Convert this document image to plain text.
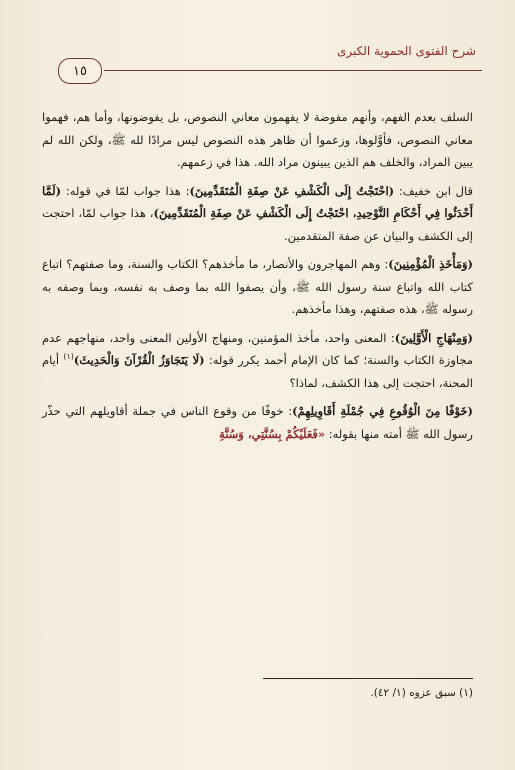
شرح الفتوى الحموية الكبرى
١٥

السلف بعدم الفهم، وأنهم مفوضة لا يفهمون معاني النصوص، بل يفوضونها، وأما هم، فهموا معاني النصوص، فأوَّلوها، وزعموا أن ظاهر هذه النصوص ليس مرادًا لله ﷺ، ولكن الله لم يبين المراد، والخلف هم الذين يبينون مراد الله. هذا في زعمهم.

قال ابن خفيف: (احْتَجْتُ إِلَى الْكَشْفِ عَنْ صِفَةِ الْمُتَقَدِّمِينَ): هذا جواب لمّا في قوله: (لَمَّا أَحْدَثُوا فِي أَحْكَامِ التَّوْحِيدِ، احْتَجْتُ إِلَى الْكَشْفِ عَنْ صِفَةِ الْمُتَقَدِّمِينَ)، هذا جواب لمّا، احتجت إلى الكشف والبيان عن صفة المتقدمين.

(وَمَأْخَذِ الْمُؤْمِنِينَ): وهم المهاجرون والأنصار، ما مأخذهم؟ الكتاب والسنة، وما صفتهم؟ اتباع كتاب الله واتباع سنة رسول الله ﷺ، وأن يصفوا الله بما وصف به نفسه، وبما وصفه به رسوله ﷺ، هذه صفتهم، وهذا مأخذهم.

(وَمِنْهَاجِ الْأَوَّلِينَ): المعنى واحد، مأخذ المؤمنين، ومنهاج الأولين المعنى واحد، منهاجهم عدم مجاوزة الكتاب والسنة؛ كما كان الإمام أحمد يكرر قوله: (لَا يَتَجَاوَزُ الْقُرْآنَ وَالْحَدِيثَ)$^{(١)}$ أيام المحنة، احتجت إلى هذا الكشف، لماذا؟

(خَوْفًا مِنَ الْوُقُوعِ فِي جُمْلَةِ أَقَاوِيلِهِمْ): خوفًا من وقوع الناس في جملة أقاويلهم التي حذّر رسول الله ﷺ أمته منها بقوله: «فَعَلَيْكُمْ بِسُنَّتِي، وَسُنَّةِ

(١) سبق عزوه (١/ ٤٢).
